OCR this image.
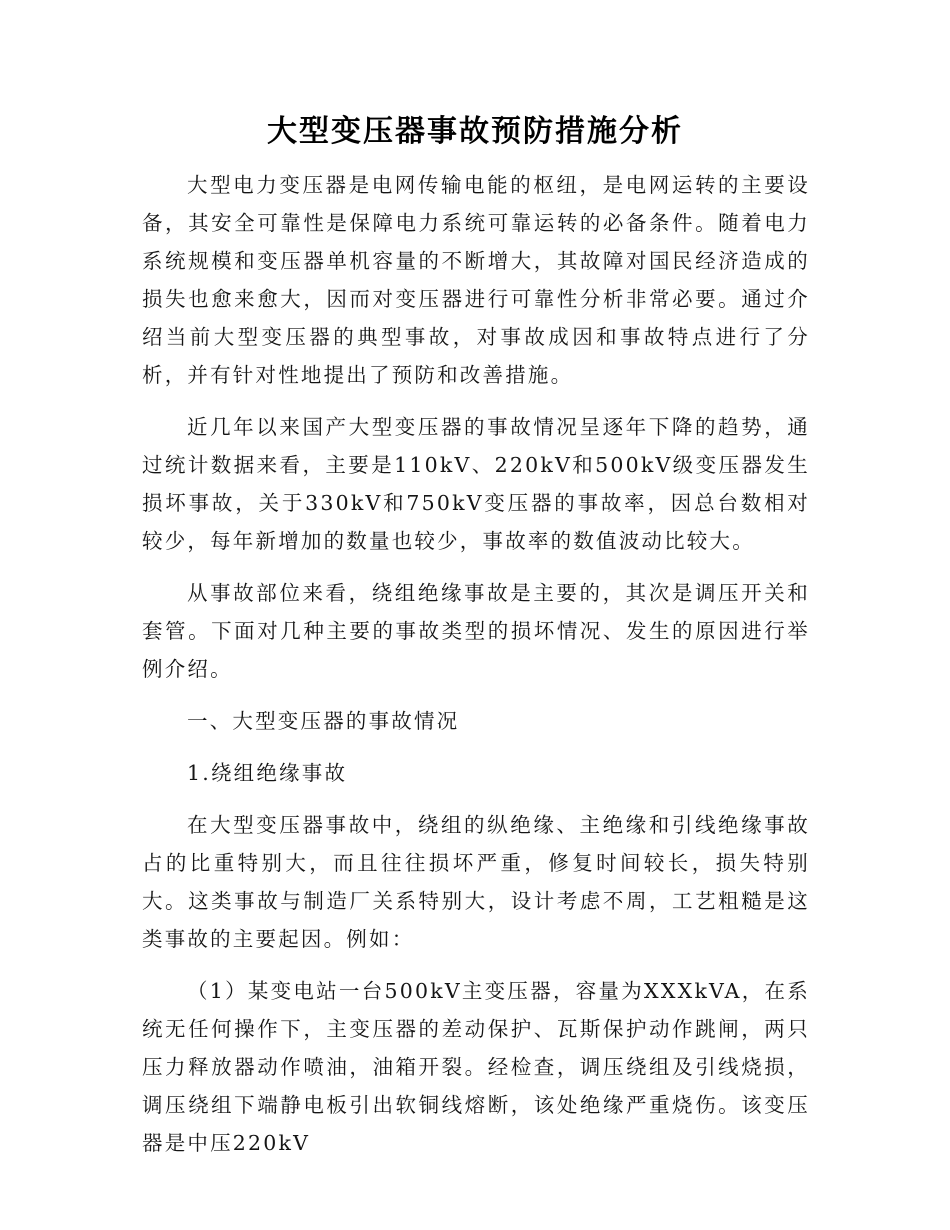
大型变压器事故预防措施分析

大型电力变压器是电网传输电能的枢纽，是电网运转的主要设备，其安全可靠性是保障电力系统可靠运转的必备条件。随着电力系统规模和变压器单机容量的不断增大，其故障对国民经济造成的损失也愈来愈大，因而对变压器进行可靠性分析非常必要。通过介绍当前大型变压器的典型事故，对事故成因和事故特点进行了分析，并有针对性地提出了预防和改善措施。

近几年以来国产大型变压器的事故情况呈逐年下降的趋势，通过统计数据来看，主要是110kV、220kV和500kV级变压器发生损坏事故，关于330kV和750kV变压器的事故率，因总台数相对较少，每年新增加的数量也较少，事故率的数值波动比较大。

从事故部位来看，绕组绝缘事故是主要的，其次是调压开关和套管。下面对几种主要的事故类型的损坏情况、发生的原因进行举例介绍。

一、大型变压器的事故情况

1.绕组绝缘事故

在大型变压器事故中，绕组的纵绝缘、主绝缘和引线绝缘事故占的比重特别大，而且往往损坏严重，修复时间较长，损失特别大。这类事故与制造厂关系特别大，设计考虑不周，工艺粗糙是这类事故的主要起因。例如：

（1）某变电站一台500kV主变压器，容量为XXXkVA，在系统无任何操作下，主变压器的差动保护、瓦斯保护动作跳闸，两只压力释放器动作喷油，油箱开裂。经检查，调压绕组及引线烧损，调压绕组下端静电板引出软铜线熔断，该处绝缘严重烧伤。该变压器是中压220kV
